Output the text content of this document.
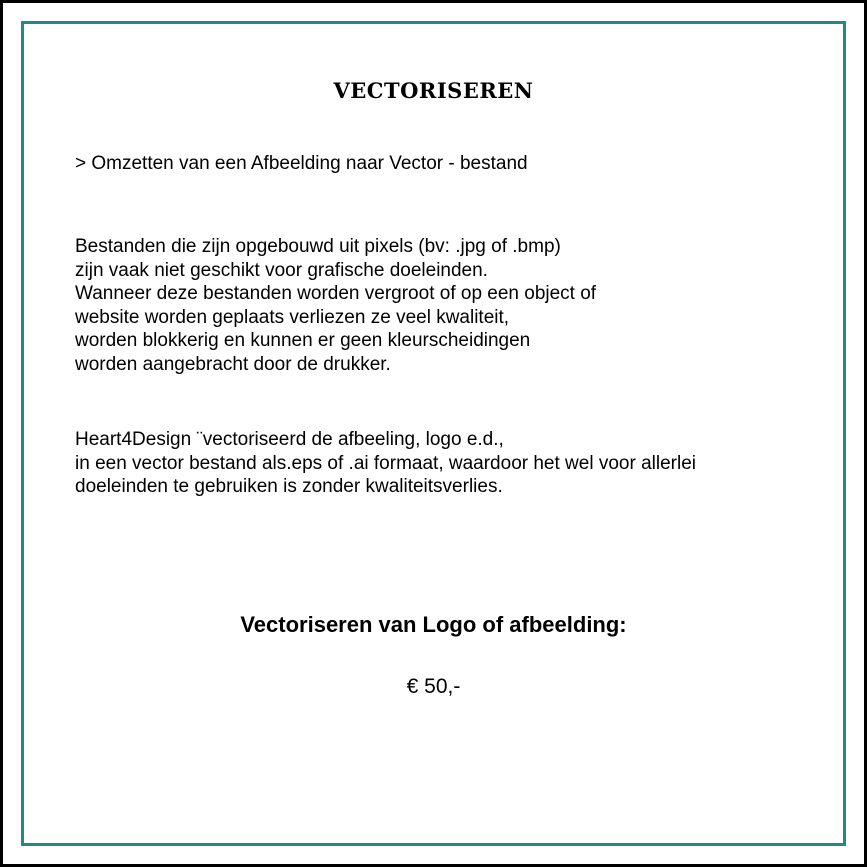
VECTORISEREN

> Omzetten van een Afbeelding naar Vector - bestand

Bestanden die zijn opgebouwd uit pixels (bv: .jpg of .bmp)
zijn vaak niet geschikt voor grafische doeleinden.
Wanneer deze bestanden worden vergroot of op een object of
website worden geplaats verliezen ze veel kwaliteit,
worden blokkerig en kunnen er geen kleurscheidingen
worden aangebracht door de drukker.

Heart4Design ¨vectoriseerd de afbeeling, logo e.d.,
in een vector bestand als.eps of .ai formaat, waardoor het wel voor allerlei
doeleinden te gebruiken is zonder kwaliteitsverlies.

Vectoriseren van Logo of afbeelding:

€ 50,-
